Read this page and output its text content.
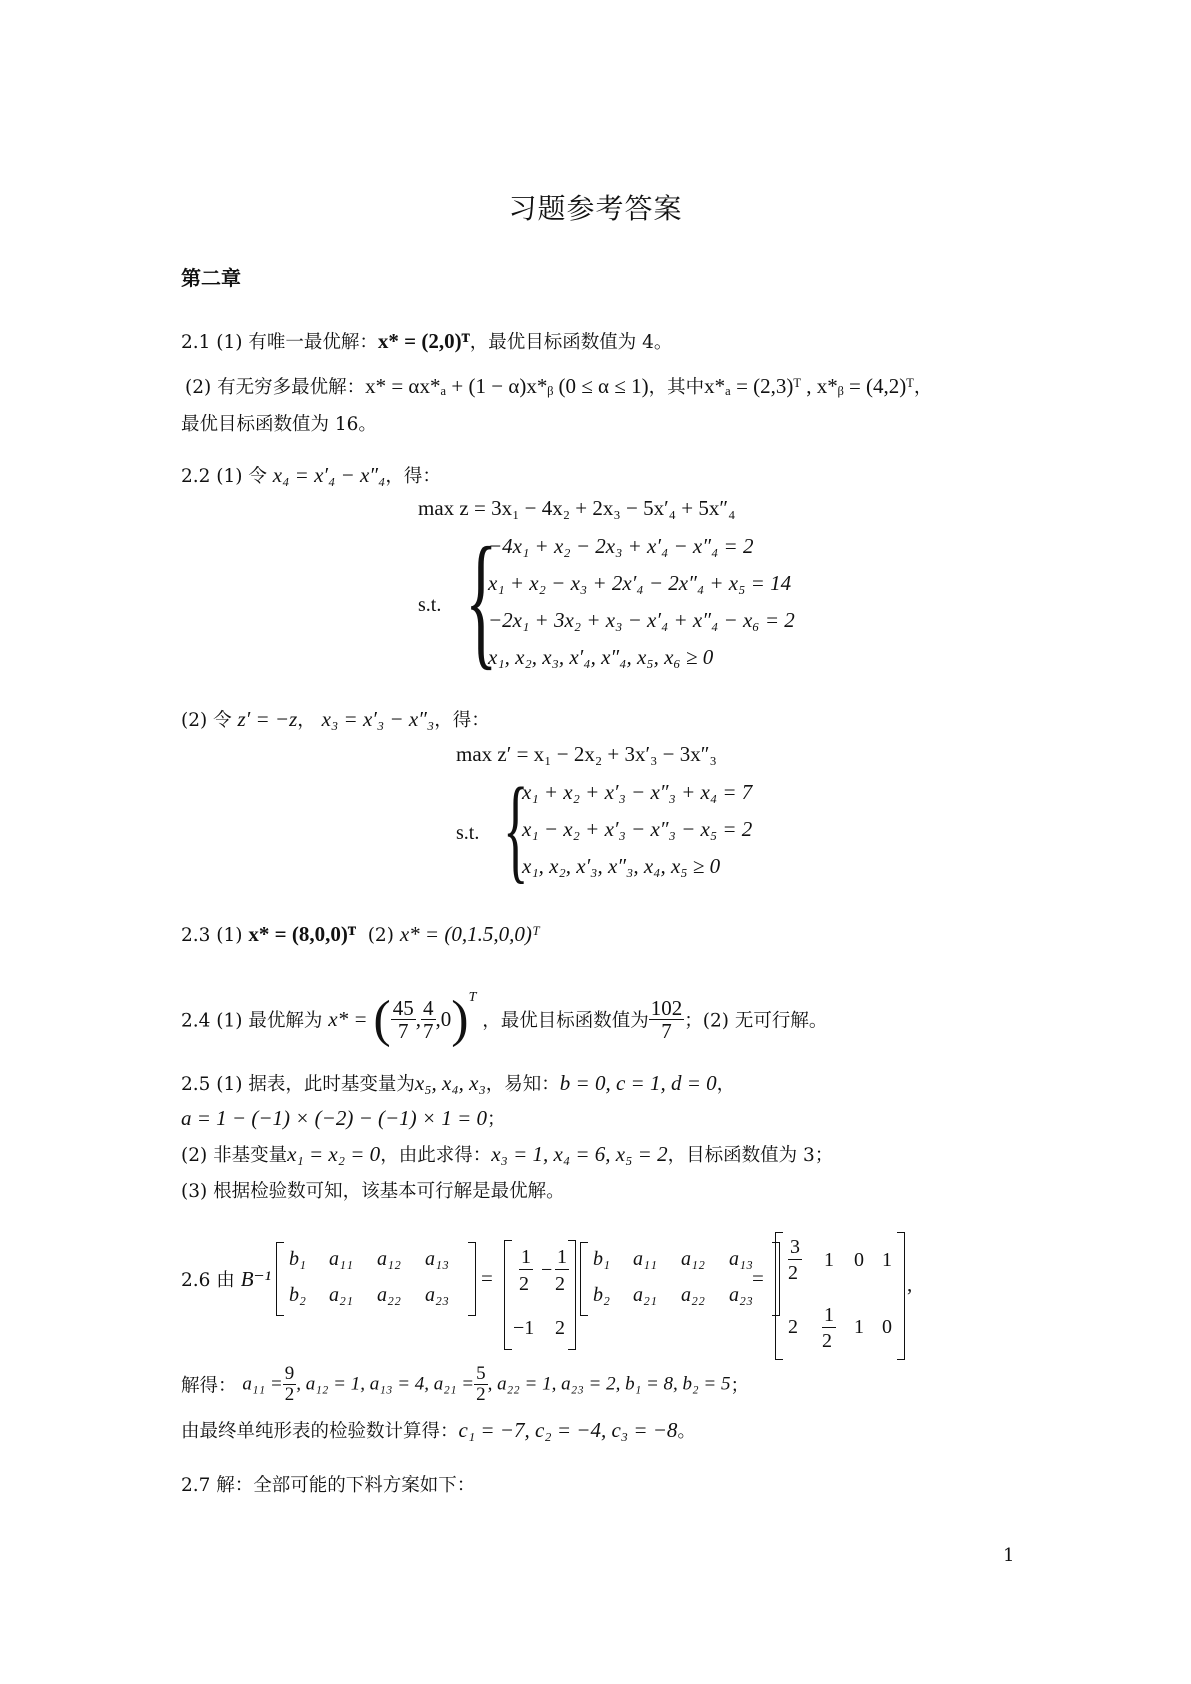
习题参考答案
第二章
2.1 (1) 有唯一最优解：x* = (2,0)ᵀ，最优目标函数值为 4。
(2) 有无穷多最优解：x* = αx*ₐ + (1 − α)x*ᵦ (0 ≤ α ≤ 1)，其中x*ₐ = (2,3)ᵀ , x*ᵦ = (4,2)ᵀ，
最优目标函数值为 16。
2.2 (1) 令 x₄ = x′₄ − x″₄，得：
max z = 3x₁ − 4x₂ + 2x₃ − 5x′₄ + 5x″₄
s.t. {
−4x₁ + x₂ − 2x₃ + x′₄ − x″₄ = 2
x₁ + x₂ − x₃ + 2x′₄ − 2x″₄ + x₅ = 14
−2x₁ + 3x₂ + x₃ − x′₄ + x″₄ − x₆ = 2
x₁, x₂, x₃, x′₄, x″₄, x₅, x₆ ≥ 0
(2) 令 z′ = −z， x₃ = x′₃ − x″₃，得：
max z′ = x₁ − 2x₂ + 3x′₃ − 3x″₃
s.t. {
x₁ + x₂ + x′₃ − x″₃ + x₄ = 7
x₁ − x₂ + x′₃ − x″₃ − x₅ = 2
x₁, x₂, x′₃, x″₃, x₄, x₅ ≥ 0
2.3 (1) x* = (8,0,0)ᵀ (2) x* = (0,1.5,0,0)ᵀ
2.4 (1) 最优解为 x* = ( $\frac{45}{7}$ , $\frac{4}{7} ,0)^T$ ，最优目标函数值为 $\frac{102}{7}$ ；(2) 无可行解。
2.5 (1) 据表，此时基变量为x₅, x₄, x₃，易知：b = 0, c = 1, d = 0，
a = 1 − (−1) × (−2) − (−1) × 1 = 0；
(2) 非基变量x₁ = x₂ = 0，由此求得：x₃ = 1, x₄ = 6, x₅ = 2，目标函数值为 3；
(3) 根据检验数可知，该基本可行解是最优解。
2.6 由 B⁻¹
b₁ a₁₁ a₁₂ a₁₃
b₂ a₂₁ a₂₂ a₂₃
=
1
2
−
1
2
−1 2
b₁ a₁₁ a₁₂ a₁₃
b₂ a₂₁ a₂₂ a₂₃
=
3
2
1 0 1
2
1
2
1 0
,
解得： $a_{11} = \frac{9}{2}$ , a₁₂ = 1, a₁₃ = 4, $a_{21} = \frac{5}{2}$ , a₂₂ = 1, a₂₃ = 2, b₁ = 8, b₂ = 5；
由最终单纯形表的检验数计算得：c₁ = −7, c₂ = −4, c₃ = −8。
2.7 解：全部可能的下料方案如下：
1
